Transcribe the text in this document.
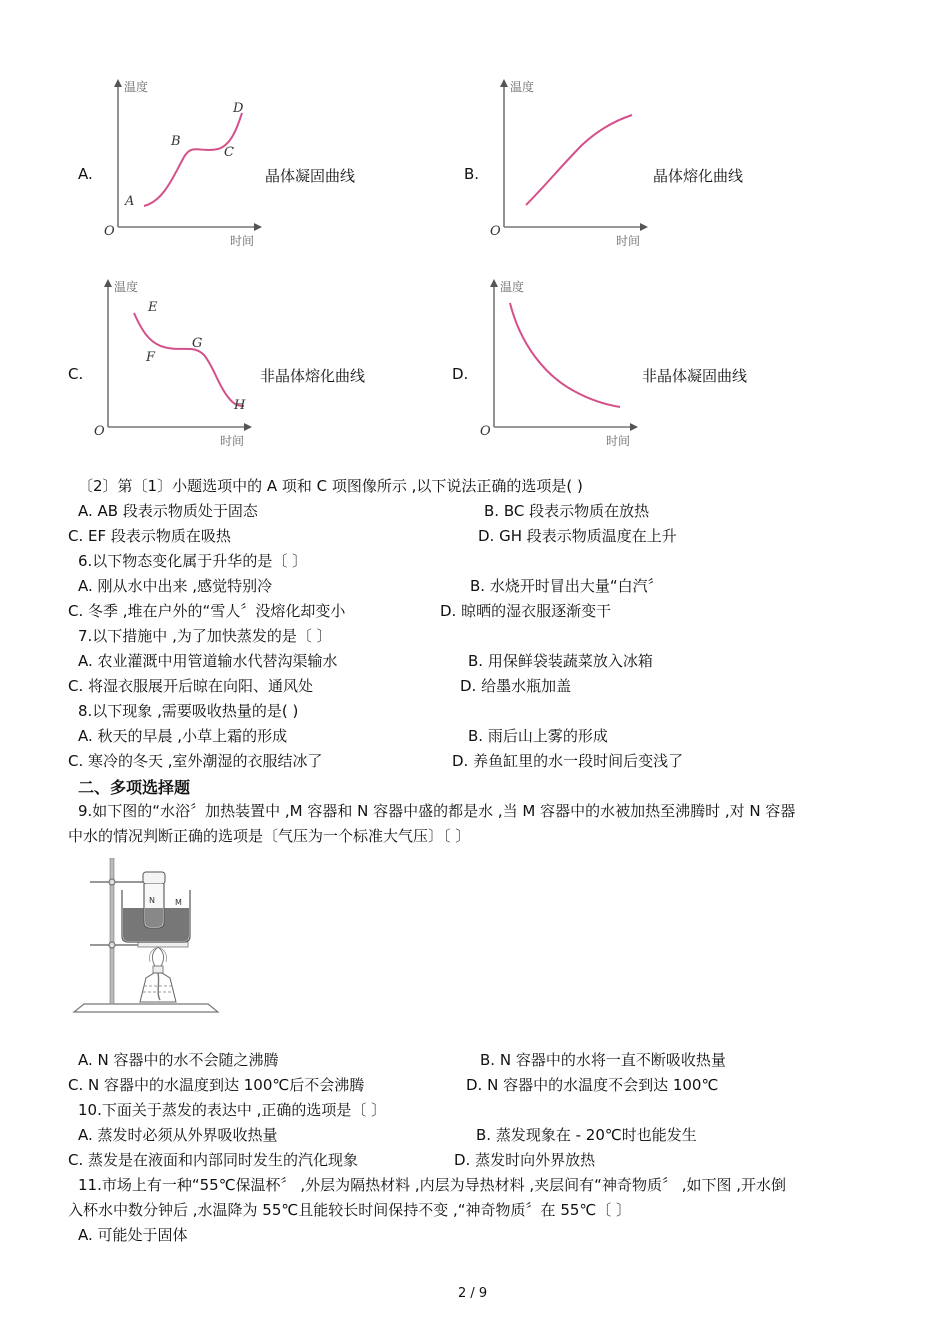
A.
温度
时间
O
A
B
C
D
晶体凝固曲线	B.
温度
时间
O
晶体熔化曲线
C.
温度
时间
O
E
F
G
H
非晶体熔化曲线	D.
温度
时间
O
非晶体凝固曲线
〔2〕第〔1〕小题选项中的 A 项和 C 项图像所示 ,以下说法正确的选项是( )
A. AB 段表示物质处于固态	B. BC 段表示物质在放热
C. EF 段表示物质在吸热	D. GH 段表示物质温度在上升
6.以下物态变化属于升华的是〔 〕
A. 刚从水中出来 ,感觉特别冷	B. 水烧开时冒出大量“白汽〞
C. 冬季 ,堆在户外的“雪人〞没熔化却变小	D. 晾晒的湿衣服逐渐变干
7.以下措施中 ,为了加快蒸发的是〔 〕
A. 农业灌溉中用管道输水代替沟渠输水	B. 用保鲜袋装蔬菜放入冰箱
C. 将湿衣服展开后晾在向阳、通风处	D. 给墨水瓶加盖
8.以下现象 ,需要吸收热量的是( )
A. 秋天的早晨 ,小草上霜的形成	B. 雨后山上雾的形成
C. 寒冷的冬天 ,室外潮湿的衣服结冰了	D. 养鱼缸里的水一段时间后变浅了
二、多项选择题
9.如下图的“水浴〞加热装置中 ,M 容器和 N 容器中盛的都是水 ,当 M 容器中的水被加热至沸腾时 ,对 N 容器
中水的情况判断正确的选项是〔气压为一个标准大气压〕〔 〕
N	M
A. N 容器中的水不会随之沸腾	B. N 容器中的水将一直不断吸收热量
C. N 容器中的水温度到达 100℃后不会沸腾	D. N 容器中的水温度不会到达 100℃
10.下面关于蒸发的表达中 ,正确的选项是〔 〕
A. 蒸发时必须从外界吸收热量	B. 蒸发现象在 - 20℃时也能发生
C. 蒸发是在液面和内部同时发生的汽化现象	D. 蒸发时向外界放热
11.市场上有一种“55℃保温杯〞 ,外层为隔热材料 ,内层为导热材料 ,夹层间有“神奇物质〞 ,如下图 ,开水倒
入杯水中数分钟后 ,水温降为 55℃且能较长时间保持不变 ,“神奇物质〞在 55℃〔 〕
A. 可能处于固体
2 / 9
